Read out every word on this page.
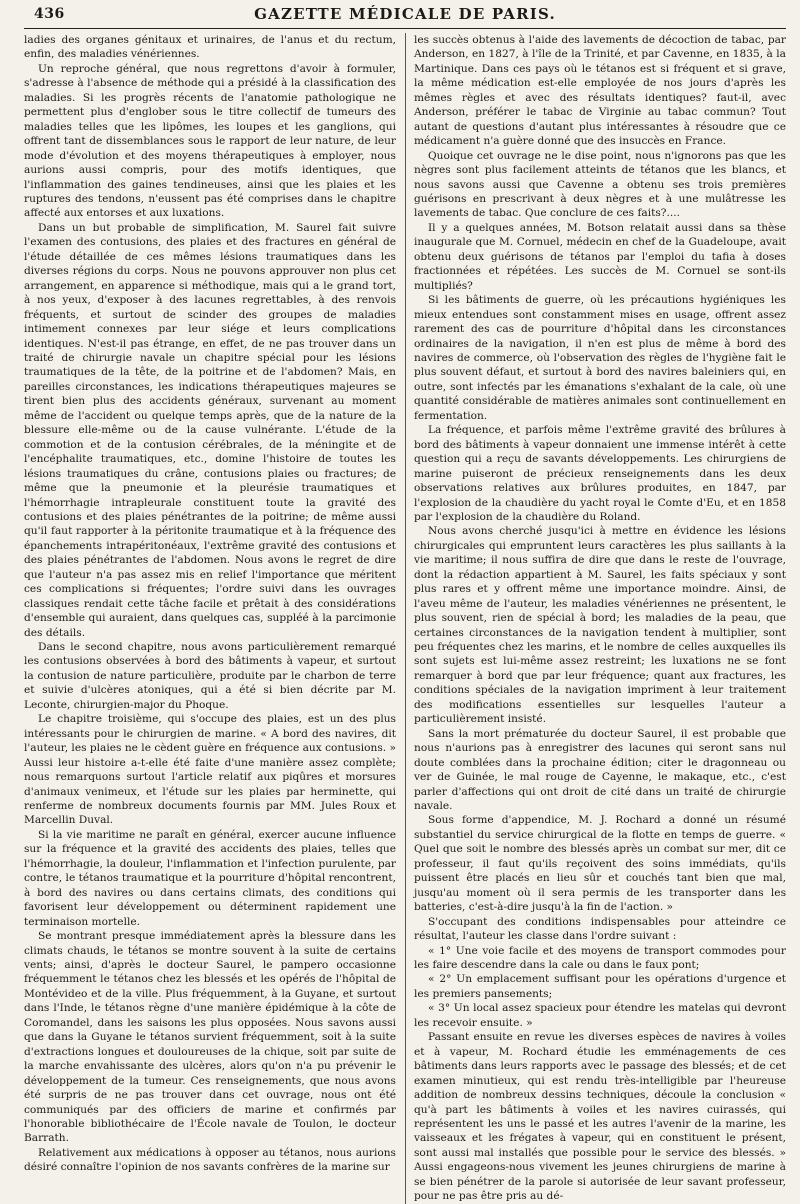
436	GAZETTE MÉDICALE DE PARIS.

ladies des organes génitaux et urinaires, de l'anus et du rectum, enfin, des maladies vénériennes.

Un reproche général, que nous regrettons d'avoir à formuler, s'adresse à l'absence de méthode qui a présidé à la classification des maladies. Si les progrès récents de l'anatomie pathologique ne permettent plus d'englober sous le titre collectif de tumeurs des maladies telles que les lipômes, les loupes et les ganglions, qui offrent tant de dissemblances sous le rapport de leur nature, de leur mode d'évolution et des moyens thérapeutiques à employer, nous aurions aussi compris, pour des motifs identiques, que l'inflammation des gaines tendineuses, ainsi que les plaies et les ruptures des tendons, n'eussent pas été comprises dans le chapitre affecté aux entorses et aux luxations.

Dans un but probable de simplification, M. Saurel fait suivre l'examen des contusions, des plaies et des fractures en général de l'étude détaillée de ces mêmes lésions traumatiques dans les diverses régions du corps. Nous ne pouvons approuver non plus cet arrangement, en apparence si méthodique, mais qui a le grand tort, à nos yeux, d'exposer à des lacunes regrettables, à des renvois fréquents, et surtout de scinder des groupes de maladies intimement connexes par leur siége et leurs complications identiques. N'est-il pas étrange, en effet, de ne pas trouver dans un traité de chirurgie navale un chapitre spécial pour les lésions traumatiques de la tête, de la poitrine et de l'abdomen? Mais, en pareilles circonstances, les indications thérapeutiques majeures se tirent bien plus des accidents généraux, survenant au moment même de l'accident ou quelque temps après, que de la nature de la blessure elle-même ou de la cause vulnérante. L'étude de la commotion et de la contusion cérébrales, de la méningite et de l'encéphalite traumatiques, etc., domine l'histoire de toutes les lésions traumatiques du crâne, contusions plaies ou fractures; de même que la pneumonie et la pleurésie traumatiques et l'hémorrhagie intrapleurale constituent toute la gravité des contusions et des plaies pénétrantes de la poitrine; de même aussi qu'il faut rapporter à la péritonite traumatique et à la fréquence des épanchements intrapéritonéaux, l'extrême gravité des contusions et des plaies pénétrantes de l'abdomen. Nous avons le regret de dire que l'auteur n'a pas assez mis en relief l'importance que méritent ces complications si fréquentes; l'ordre suivi dans les ouvrages classiques rendait cette tâche facile et prêtait à des considérations d'ensemble qui auraient, dans quelques cas, suppléé à la parcimonie des détails.

Dans le second chapitre, nous avons particulièrement remarqué les contusions observées à bord des bâtiments à vapeur, et surtout la contusion de nature particulière, produite par le charbon de terre et suivie d'ulcères atoniques, qui a été si bien décrite par M. Leconte, chirurgien-major du Phoque.

Le chapitre troisième, qui s'occupe des plaies, est un des plus intéressants pour le chirurgien de marine. « A bord des navires, dit l'auteur, les plaies ne le cèdent guère en fréquence aux contusions. » Aussi leur histoire a-t-elle été faite d'une manière assez complète; nous remarquons surtout l'article relatif aux piqûres et morsures d'animaux venimeux, et l'étude sur les plaies par herminette, qui renferme de nombreux documents fournis par MM. Jules Roux et Marcellin Duval.

Si la vie maritime ne paraît en général, exercer aucune influence sur la fréquence et la gravité des accidents des plaies, telles que l'hémorrhagie, la douleur, l'inflammation et l'infection purulente, par contre, le tétanos traumatique et la pourriture d'hôpital rencontrent, à bord des navires ou dans certains climats, des conditions qui favorisent leur développement ou déterminent rapidement une terminaison mortelle.

Se montrant presque immédiatement après la blessure dans les climats chauds, le tétanos se montre souvent à la suite de certains vents; ainsi, d'après le docteur Saurel, le pampero occasionne fréquemment le tétanos chez les blessés et les opérés de l'hôpital de Montévideo et de la ville. Plus fréquemment, à la Guyane, et surtout dans l'Inde, le tétanos règne d'une manière épidémique à la côte de Coromandel, dans les saisons les plus opposées. Nous savons aussi que dans la Guyane le tétanos survient fréquemment, soit à la suite d'extractions longues et douloureuses de la chique, soit par suite de la marche envahissante des ulcères, alors qu'on n'a pu prévenir le développement de la tumeur. Ces renseignements, que nous avons été surpris de ne pas trouver dans cet ouvrage, nous ont été communiqués par des officiers de marine et confirmés par l'honorable bibliothécaire de l'École navale de Toulon, le docteur Barrath.

Relativement aux médications à opposer au tétanos, nous aurions désiré connaître l'opinion de nos savants confrères de la marine sur

les succès obtenus à l'aide des lavements de décoction de tabac, par Anderson, en 1827, à l'île de la Trinité, et par Cavenne, en 1835, à la Martinique. Dans ces pays où le tétanos est si fréquent et si grave, la même médication est-elle employée de nos jours d'après les mêmes règles et avec des résultats identiques? faut-il, avec Anderson, préférer le tabac de Virginie au tabac commun? Tout autant de questions d'autant plus intéressantes à résoudre que ce médicament n'a guère donné que des insuccès en France.

Quoique cet ouvrage ne le dise point, nous n'ignorons pas que les nègres sont plus facilement atteints de tétanos que les blancs, et nous savons aussi que Cavenne a obtenu ses trois premières guérisons en prescrivant à deux nègres et à une mulâtresse les lavements de tabac. Que conclure de ces faits?....

Il y a quelques années, M. Botson relatait aussi dans sa thèse inaugurale que M. Cornuel, médecin en chef de la Guadeloupe, avait obtenu deux guérisons de tétanos par l'emploi du tafia à doses fractionnées et répétées. Les succès de M. Cornuel se sont-ils multipliés?

Si les bâtiments de guerre, où les précautions hygiéniques les mieux entendues sont constamment mises en usage, offrent assez rarement des cas de pourriture d'hôpital dans les circonstances ordinaires de la navigation, il n'en est plus de même à bord des navires de commerce, où l'observation des règles de l'hygiène fait le plus souvent défaut, et surtout à bord des navires baleiniers qui, en outre, sont infectés par les émanations s'exhalant de la cale, où une quantité considérable de matières animales sont continuellement en fermentation.

La fréquence, et parfois même l'extrême gravité des brûlures à bord des bâtiments à vapeur donnaient une immense intérêt à cette question qui a reçu de savants développements. Les chirurgiens de marine puiseront de précieux renseignements dans les deux observations relatives aux brûlures produites, en 1847, par l'explosion de la chaudière du yacht royal le Comte d'Eu, et en 1858 par l'explosion de la chaudière du Roland.

Nous avons cherché jusqu'ici à mettre en évidence les lésions chirurgicales qui empruntent leurs caractères les plus saillants à la vie maritime; il nous suffira de dire que dans le reste de l'ouvrage, dont la rédaction appartient à M. Saurel, les faits spéciaux y sont plus rares et y offrent même une importance moindre. Ainsi, de l'aveu même de l'auteur, les maladies vénériennes ne présentent, le plus souvent, rien de spécial à bord; les maladies de la peau, que certaines circonstances de la navigation tendent à multiplier, sont peu fréquentes chez les marins, et le nombre de celles auxquelles ils sont sujets est lui-même assez restreint; les luxations ne se font remarquer à bord que par leur fréquence; quant aux fractures, les conditions spéciales de la navigation impriment à leur traitement des modifications essentielles sur lesquelles l'auteur a particulièrement insisté.

Sans la mort prématurée du docteur Saurel, il est probable que nous n'aurions pas à enregistrer des lacunes qui seront sans nul doute comblées dans la prochaine édition; citer le dragonneau ou ver de Guinée, le mal rouge de Cayenne, le makaque, etc., c'est parler d'affections qui ont droit de cité dans un traité de chirurgie navale.

Sous forme d'appendice, M. J. Rochard a donné un résumé substantiel du service chirurgical de la flotte en temps de guerre. « Quel que soit le nombre des blessés après un combat sur mer, dit ce professeur, il faut qu'ils reçoivent des soins immédiats, qu'ils puissent être placés en lieu sûr et couchés tant bien que mal, jusqu'au moment où il sera permis de les transporter dans les batteries, c'est-à-dire jusqu'à la fin de l'action. »

S'occupant des conditions indispensables pour atteindre ce résultat, l'auteur les classe dans l'ordre suivant :

« 1° Une voie facile et des moyens de transport commodes pour les faire descendre dans la cale ou dans le faux pont;

« 2° Un emplacement suffisant pour les opérations d'urgence et les premiers pansements;

« 3° Un local assez spacieux pour étendre les matelas qui devront les recevoir ensuite. »

Passant ensuite en revue les diverses espèces de navires à voiles et à vapeur, M. Rochard étudie les emménagements de ces bâtiments dans leurs rapports avec le passage des blessés; et de cet examen minutieux, qui est rendu très-intelligible par l'heureuse addition de nombreux dessins techniques, découle la conclusion « qu'à part les bâtiments à voiles et les navires cuirassés, qui représentent les uns le passé et les autres l'avenir de la marine, les vaisseaux et les frégates à vapeur, qui en constituent le présent, sont aussi mal installés que possible pour le service des blessés. » Aussi engageons-nous vivement les jeunes chirurgiens de marine à se bien pénétrer de la parole si autorisée de leur savant professeur, pour ne pas être pris au dé-
